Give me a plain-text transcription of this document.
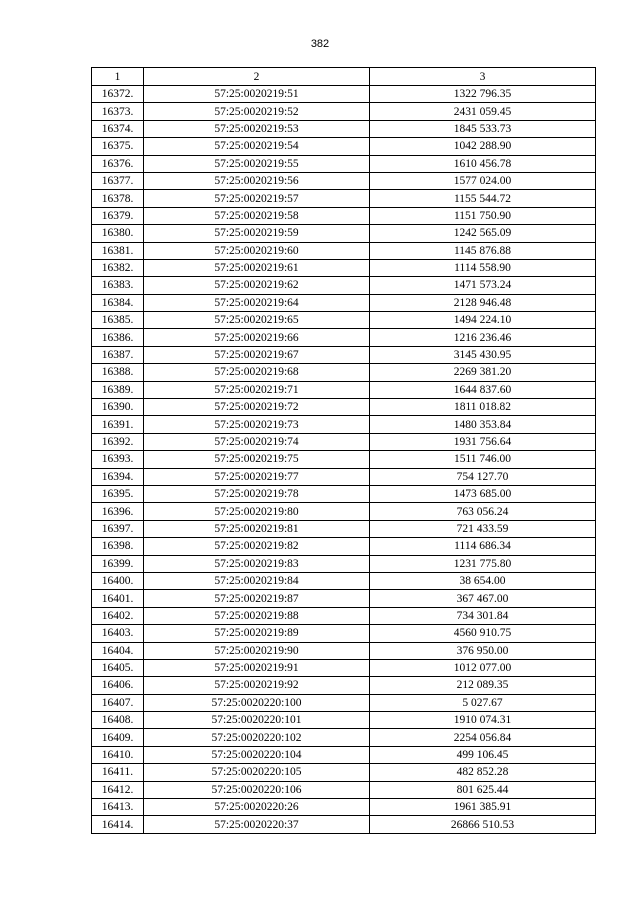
382
1	2	3
16372.	57:25:0020219:51	1322 796.35
16373.	57:25:0020219:52	2431 059.45
16374.	57:25:0020219:53	1845 533.73
16375.	57:25:0020219:54	1042 288.90
16376.	57:25:0020219:55	1610 456.78
16377.	57:25:0020219:56	1577 024.00
16378.	57:25:0020219:57	1155 544.72
16379.	57:25:0020219:58	1151 750.90
16380.	57:25:0020219:59	1242 565.09
16381.	57:25:0020219:60	1145 876.88
16382.	57:25:0020219:61	1114 558.90
16383.	57:25:0020219:62	1471 573.24
16384.	57:25:0020219:64	2128 946.48
16385.	57:25:0020219:65	1494 224.10
16386.	57:25:0020219:66	1216 236.46
16387.	57:25:0020219:67	3145 430.95
16388.	57:25:0020219:68	2269 381.20
16389.	57:25:0020219:71	1644 837.60
16390.	57:25:0020219:72	1811 018.82
16391.	57:25:0020219:73	1480 353.84
16392.	57:25:0020219:74	1931 756.64
16393.	57:25:0020219:75	1511 746.00
16394.	57:25:0020219:77	754 127.70
16395.	57:25:0020219:78	1473 685.00
16396.	57:25:0020219:80	763 056.24
16397.	57:25:0020219:81	721 433.59
16398.	57:25:0020219:82	1114 686.34
16399.	57:25:0020219:83	1231 775.80
16400.	57:25:0020219:84	38 654.00
16401.	57:25:0020219:87	367 467.00
16402.	57:25:0020219:88	734 301.84
16403.	57:25:0020219:89	4560 910.75
16404.	57:25:0020219:90	376 950.00
16405.	57:25:0020219:91	1012 077.00
16406.	57:25:0020219:92	212 089.35
16407.	57:25:0020220:100	5 027.67
16408.	57:25:0020220:101	1910 074.31
16409.	57:25:0020220:102	2254 056.84
16410.	57:25:0020220:104	499 106.45
16411.	57:25:0020220:105	482 852.28
16412.	57:25:0020220:106	801 625.44
16413.	57:25:0020220:26	1961 385.91
16414.	57:25:0020220:37	26866 510.53
